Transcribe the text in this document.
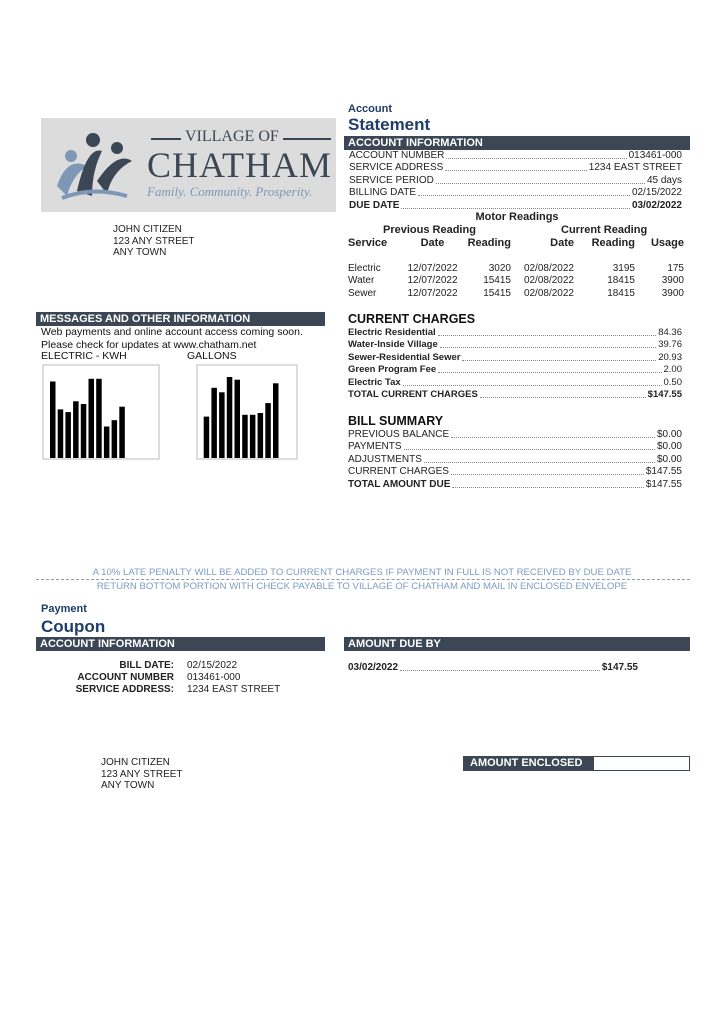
Account
Statement
VILLAGE OF
CHATHAM
Family. Community. Prosperity.
JOHN CITIZEN
123 ANY STREET
ANY TOWN
ACCOUNT INFORMATION
ACCOUNT NUMBER	013461-000
SERVICE ADDRESS	1234 EAST STREET
SERVICE PERIOD	45 days
BILLING DATE	02/15/2022
DUE DATE	03/02/2022
Motor Readings
Previous Reading	Current Reading
Service	Date	Reading	Date	Reading	Usage

Electric	12/07/2022	3020	02/08/2022	3195	175
Water	12/07/2022	15415	02/08/2022	18415	3900
Sewer	12/07/2022	15415	02/08/2022	18415	3900
MESSAGES AND OTHER INFORMATION
Web payments and online account access coming soon.
Please check for updates at www.chatham.net
ELECTRIC - KWH	GALLONS
CURRENT CHARGES
Electric Residential	84.36
Water-Inside Village	39.76
Sewer-Residential Sewer	20.93
Green Program Fee	2.00
Electric Tax	0.50
TOTAL CURRENT CHARGES	$147.55
BILL SUMMARY
PREVIOUS BALANCE	$0.00
PAYMENTS	$0.00
ADJUSTMENTS	$0.00
CURRENT CHARGES	$147.55
TOTAL AMOUNT DUE	$147.55
A 10% LATE PENALTY WILL BE ADDED TO CURRENT CHARGES IF PAYMENT IN FULL IS NOT RECEIVED BY DUE DATE
RETURN BOTTOM PORTION WITH CHECK PAYABLE TO VILLAGE OF CHATHAM AND MAIL IN ENCLOSED ENVELOPE
Payment
Coupon
ACCOUNT INFORMATION	AMOUNT DUE BY
BILL DATE: 02/15/2022
ACCOUNT NUMBER 013461-000
SERVICE ADDRESS: 1234 EAST STREET
03/02/2022	$147.55
JOHN CITIZEN
123 ANY STREET
ANY TOWN
AMOUNT ENCLOSED
